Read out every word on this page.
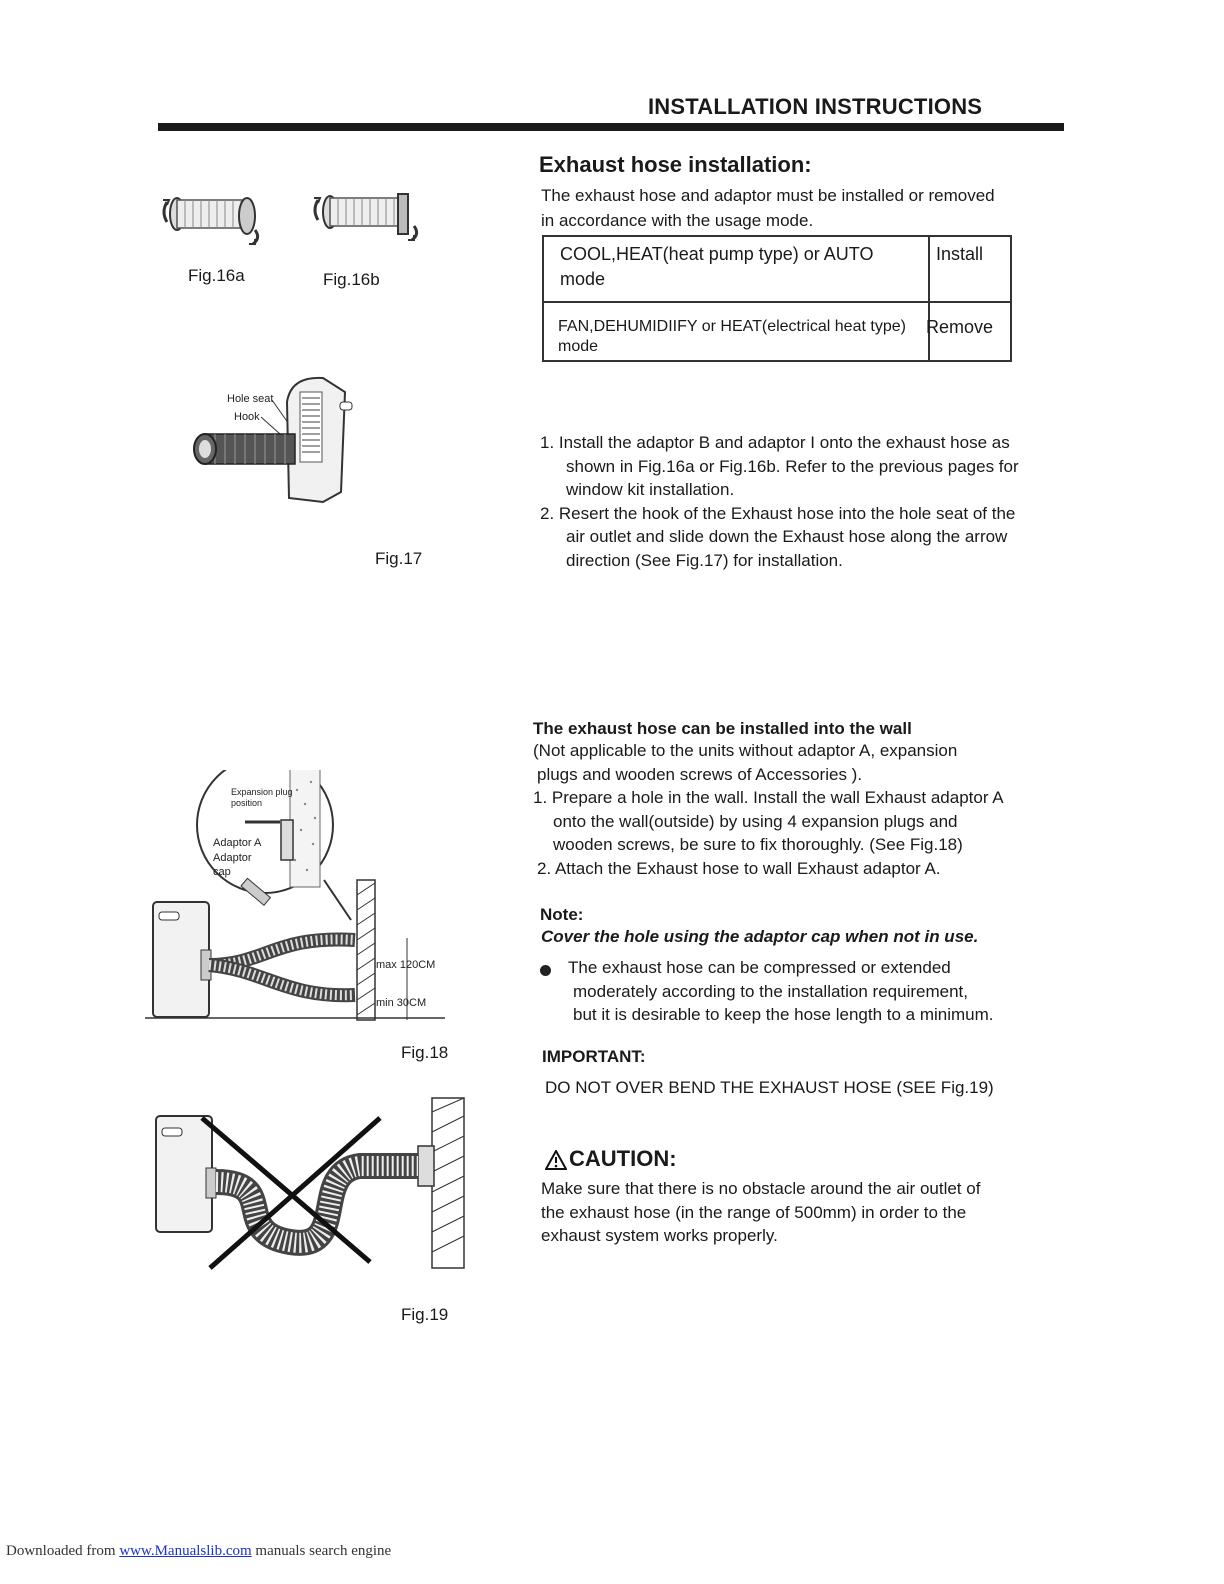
INSTALLATION INSTRUCTIONS
Fig.16a	Fig.16b
Exhaust hose installation:
The exhaust hose and adaptor must be installed or removed
in accordance with the usage mode.
COOL,HEAT(heat pump type) or AUTO
mode
Install
FAN,DEHUMIDIIFY or HEAT(electrical heat type)
mode
Remove
Hole seat
Hook
Fig.17
1. Install the adaptor B and adaptor I onto the exhaust hose as
shown in Fig.16a or Fig.16b. Refer to the previous pages for
window kit installation.
2. Resert the hook of the Exhaust hose into the hole seat of the
air outlet and slide down the Exhaust hose along the arrow
direction (See Fig.17) for installation.
Expansion plug
position
Adaptor A
Adaptor
cap
max 120CM
min 30CM
Fig.18
The exhaust hose can be installed into the wall
(Not applicable to the units without adaptor A, expansion
plugs and wooden screws of Accessories ).
1. Prepare a hole in the wall. Install the wall Exhaust adaptor A
onto the wall(outside) by using 4 expansion plugs and
wooden screws, be sure to fix thoroughly. (See Fig.18)
2. Attach the Exhaust hose to wall Exhaust adaptor A.
Note:
Cover the hole using the adaptor cap when not in use.
The exhaust hose can be compressed or extended
moderately according to the installation requirement,
but it is desirable to keep the hose length to a minimum.
IMPORTANT:
DO NOT OVER BEND THE EXHAUST HOSE (SEE Fig.19)
Fig.19
CAUTION:
Make sure that there is no obstacle around the air outlet of
the exhaust hose (in the range of 500mm) in order to the
exhaust system works properly.
Downloaded from www.Manualslib.com manuals search engine
